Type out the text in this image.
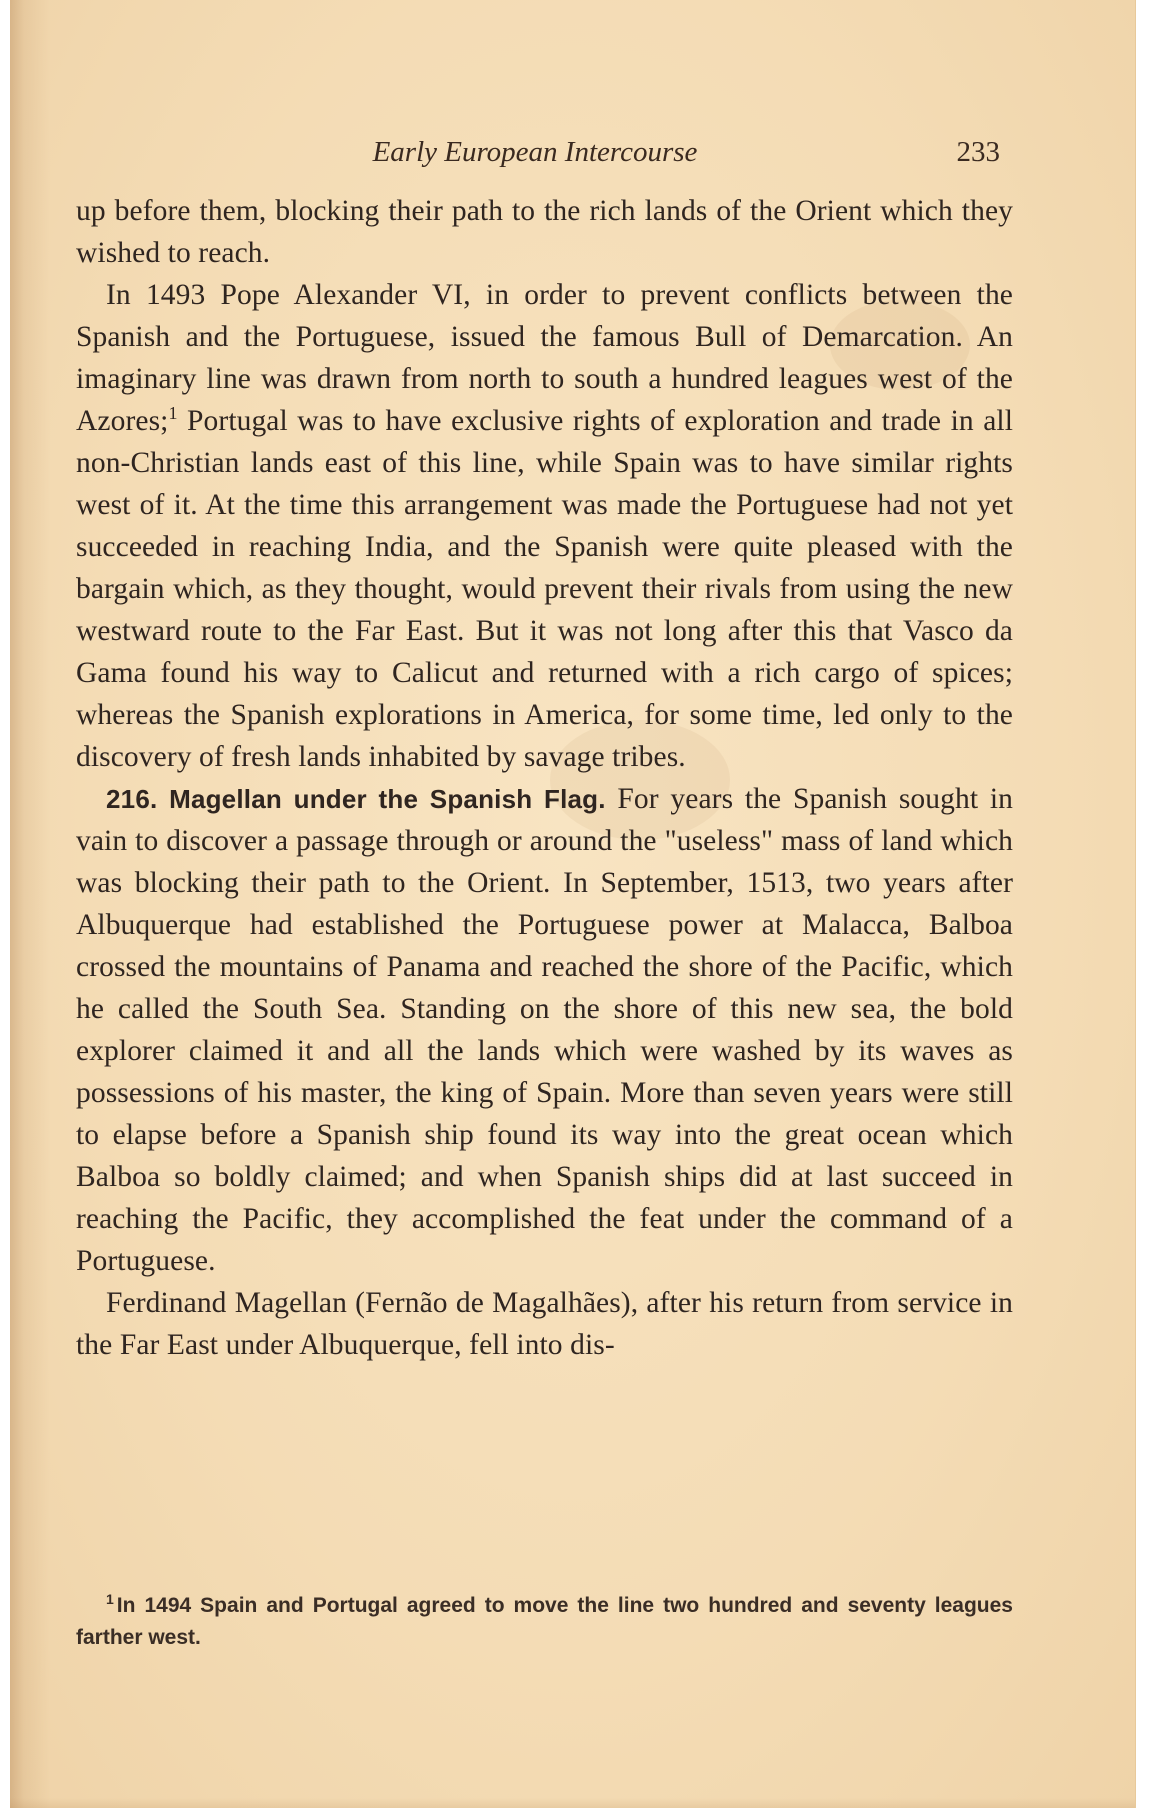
Early European Intercourse	233

up before them, blocking their path to the rich lands of the Orient which they wished to reach.

In 1493 Pope Alexander VI, in order to prevent conflicts between the Spanish and the Portuguese, issued the famous Bull of Demarcation. An imaginary line was drawn from north to south a hundred leagues west of the Azores;$^1$ Portugal was to have exclusive rights of exploration and trade in all non-Christian lands east of this line, while Spain was to have similar rights west of it. At the time this arrangement was made the Portuguese had not yet succeeded in reaching India, and the Spanish were quite pleased with the bargain which, as they thought, would prevent their rivals from using the new westward route to the Far East. But it was not long after this that Vasco da Gama found his way to Calicut and returned with a rich cargo of spices; whereas the Spanish explorations in America, for some time, led only to the discovery of fresh lands inhabited by savage tribes.

216. Magellan under the Spanish Flag. For years the Spanish sought in vain to discover a passage through or around the "useless" mass of land which was blocking their path to the Orient. In September, 1513, two years after Albuquerque had established the Portuguese power at Malacca, Balboa crossed the mountains of Panama and reached the shore of the Pacific, which he called the South Sea. Standing on the shore of this new sea, the bold explorer claimed it and all the lands which were washed by its waves as possessions of his master, the king of Spain. More than seven years were still to elapse before a Spanish ship found its way into the great ocean which Balboa so boldly claimed; and when Spanish ships did at last succeed in reaching the Pacific, they accomplished the feat under the command of a Portuguese.

Ferdinand Magellan (Fernão de Magalhães), after his return from service in the Far East under Albuquerque, fell into dis-

$^1$ In 1494 Spain and Portugal agreed to move the line two hundred and seventy leagues farther west.
